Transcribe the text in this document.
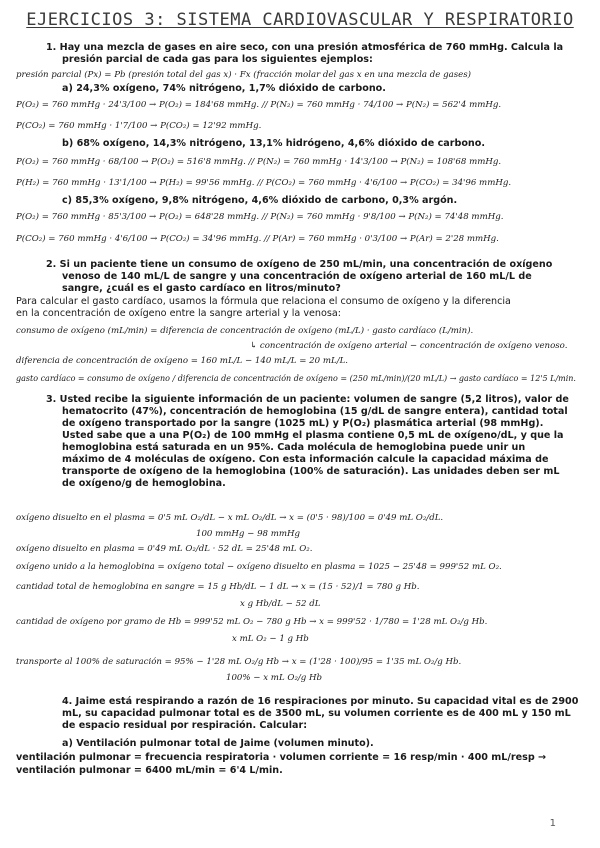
EJERCICIOS 3: SISTEMA CARDIOVASCULAR Y RESPIRATORIO
1. Hay una mezcla de gases en aire seco, con una presión atmosférica de 760 mmHg. Calcula la
presión parcial de cada gas para los siguientes ejemplos:
presión parcial (Px) = Pb (presión total del gas x) · Fx (fracción molar del gas x en una mezcla de gases)
a) 24,3% oxígeno, 74% nitrógeno, 1,7% dióxido de carbono.
P(O₂) = 760 mmHg · 24'3/100 → P(O₂) = 184'68 mmHg. // P(N₂) = 760 mmHg · 74/100 → P(N₂) = 562'4 mmHg.
P(CO₂) = 760 mmHg · 1'7/100 → P(CO₂) = 12'92 mmHg.
b) 68% oxígeno, 14,3% nitrógeno, 13,1% hidrógeno, 4,6% dióxido de carbono.
P(O₂) = 760 mmHg · 68/100 → P(O₂) = 516'8 mmHg. // P(N₂) = 760 mmHg · 14'3/100 → P(N₂) = 108'68 mmHg.
P(H₂) = 760 mmHg · 13'1/100 → P(H₂) = 99'56 mmHg. // P(CO₂) = 760 mmHg · 4'6/100 → P(CO₂) = 34'96 mmHg.
c) 85,3% oxígeno, 9,8% nitrógeno, 4,6% dióxido de carbono, 0,3% argón.
P(O₂) = 760 mmHg · 85'3/100 → P(O₂) = 648'28 mmHg. // P(N₂) = 760 mmHg · 9'8/100 → P(N₂) = 74'48 mmHg.
P(CO₂) = 760 mmHg · 4'6/100 → P(CO₂) = 34'96 mmHg. // P(Ar) = 760 mmHg · 0'3/100 → P(Ar) = 2'28 mmHg.
2. Si un paciente tiene un consumo de oxígeno de 250 mL/min, una concentración de oxígeno
venoso de 140 mL/L de sangre y una concentración de oxígeno arterial de 160 mL/L de
sangre, ¿cuál es el gasto cardíaco en litros/minuto?
Para calcular el gasto cardíaco, usamos la fórmula que relaciona el consumo de oxígeno y la diferencia
en la concentración de oxígeno entre la sangre arterial y la venosa:
consumo de oxígeno (mL/min) = diferencia de concentración de oxígeno (mL/L) · gasto cardíaco (L/min).
↳ concentración de oxígeno arterial − concentración de oxígeno venoso.
diferencia de concentración de oxígeno = 160 mL/L − 140 mL/L = 20 mL/L.
gasto cardíaco = consumo de oxígeno / diferencia de concentración de oxígeno = (250 mL/min)/(20 mL/L) → gasto cardíaco = 12'5 L/min.
3. Usted recibe la siguiente información de un paciente: volumen de sangre (5,2 litros), valor de
hematocrito (47%), concentración de hemoglobina (15 g/dL de sangre entera), cantidad total
de oxígeno transportado por la sangre (1025 mL) y P(O₂) plasmática arterial (98 mmHg).
Usted sabe que a una P(O₂) de 100 mmHg el plasma contiene 0,5 mL de oxígeno/dL, y que la
hemoglobina está saturada en un 95%. Cada molécula de hemoglobina puede unir un
máximo de 4 moléculas de oxígeno. Con esta información calcule la capacidad máxima de
transporte de oxígeno de la hemoglobina (100% de saturación). Las unidades deben ser mL
de oxígeno/g de hemoglobina.
oxígeno disuelto en el plasma = 0'5 mL O₂/dL − x mL O₂/dL → x = (0'5 · 98)/100 = 0'49 mL O₂/dL.
100 mmHg − 98 mmHg
oxígeno disuelto en plasma = 0'49 mL O₂/dL · 52 dL = 25'48 mL O₂.
oxígeno unido a la hemoglobina = oxígeno total − oxígeno disuelto en plasma = 1025 − 25'48 = 999'52 mL O₂.
cantidad total de hemoglobina en sangre = 15 g Hb/dL − 1 dL → x = (15 · 52)/1 = 780 g Hb.
x g Hb/dL − 52 dL
cantidad de oxígeno por gramo de Hb = 999'52 mL O₂ − 780 g Hb → x = 999'52 · 1/780 = 1'28 mL O₂/g Hb.
x mL O₂ − 1 g Hb
transporte al 100% de saturación = 95% − 1'28 mL O₂/g Hb → x = (1'28 · 100)/95 = 1'35 mL O₂/g Hb.
100% − x mL O₂/g Hb
4. Jaime está respirando a razón de 16 respiraciones por minuto. Su capacidad vital es de 2900
mL, su capacidad pulmonar total es de 3500 mL, su volumen corriente es de 400 mL y 150 mL
de espacio residual por respiración. Calcular:
a) Ventilación pulmonar total de Jaime (volumen minuto).
ventilación pulmonar = frecuencia respiratoria · volumen corriente = 16 resp/min · 400 mL/resp →
ventilación pulmonar = 6400 mL/min = 6'4 L/min.
1
